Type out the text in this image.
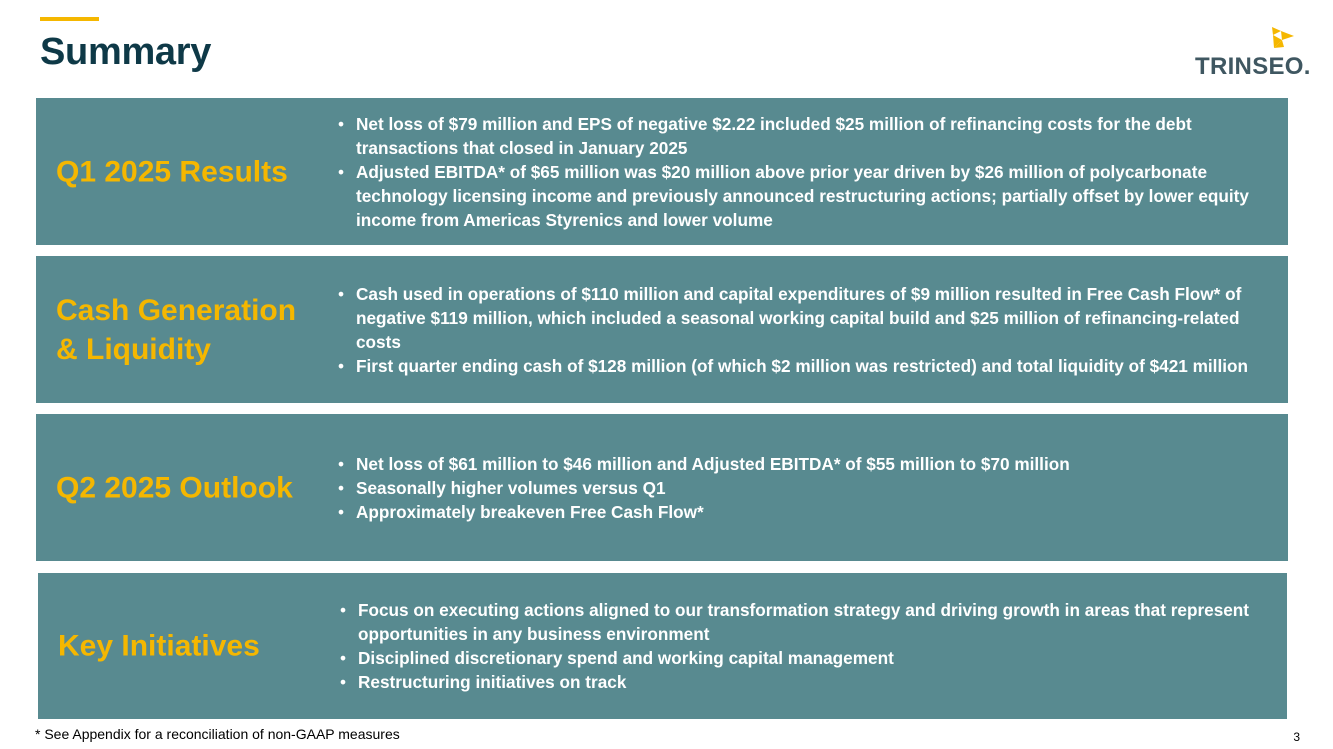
Summary	TRINSEO.
Q1 2025 Results
• Net loss of $79 million and EPS of negative $2.22 included $25 million of refinancing costs for the debt transactions that closed in January 2025
• Adjusted EBITDA* of $65 million was $20 million above prior year driven by $26 million of polycarbonate technology licensing income and previously announced restructuring actions; partially offset by lower equity income from Americas Styrenics and lower volume
Cash Generation & Liquidity
• Cash used in operations of $110 million and capital expenditures of $9 million resulted in Free Cash Flow* of negative $119 million, which included a seasonal working capital build and $25 million of refinancing-related costs
• First quarter ending cash of $128 million (of which $2 million was restricted) and total liquidity of $421 million
Q2 2025 Outlook
• Net loss of $61 million to $46 million and Adjusted EBITDA* of $55 million to $70 million
• Seasonally higher volumes versus Q1
• Approximately breakeven Free Cash Flow*
Key Initiatives
• Focus on executing actions aligned to our transformation strategy and driving growth in areas that represent opportunities in any business environment
• Disciplined discretionary spend and working capital management
• Restructuring initiatives on track
* See Appendix for a reconciliation of non-GAAP measures	3
